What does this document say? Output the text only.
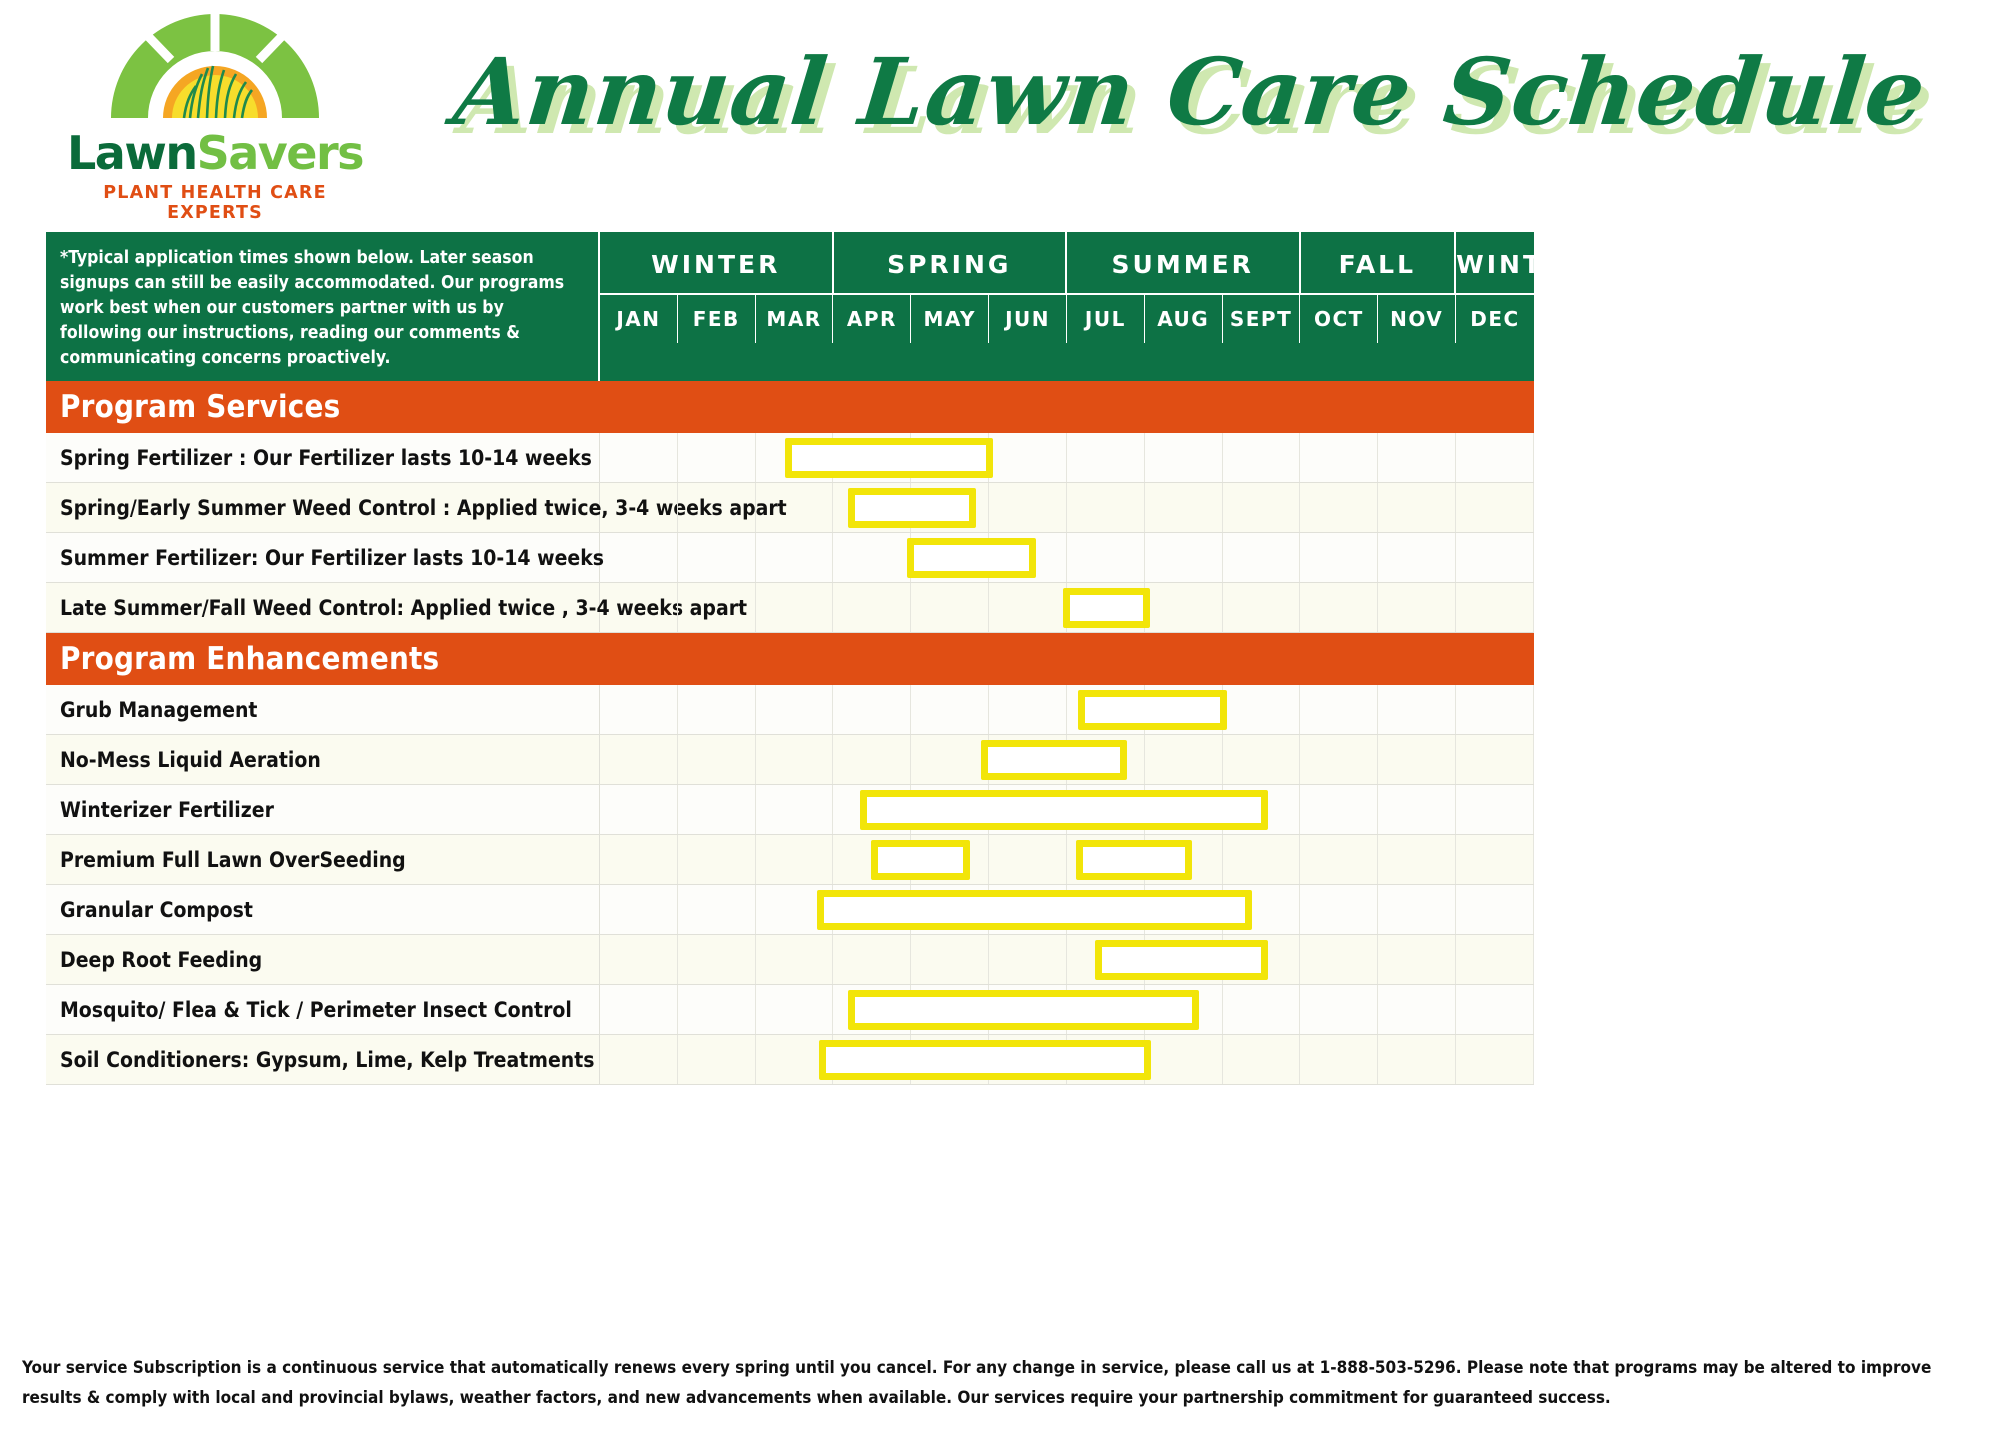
LawnSavers
PLANT HEALTH CARE EXPERTS
Annual Lawn Care Schedule

*Typical application times shown below. Later season signups can still be easily accommodated. Our programs work best when our customers partner with us by following our instructions, reading our comments & communicating concerns proactively.

WINTER	SPRING	SUMMER	FALL	WINTER
JAN	FEB	MAR	APR	MAY	JUN	JUL	AUG	SEPT	OCT	NOV	DEC
Program Services
Spring Fertilizer : Our Fertilizer lasts 10-14 weeks
Spring/Early Summer Weed Control : Applied twice, 3-4 weeks apart
Summer Fertilizer: Our Fertilizer lasts 10-14 weeks
Late Summer/Fall Weed Control: Applied twice , 3-4 weeks apart
Program Enhancements
Grub Management
No-Mess Liquid Aeration
Winterizer Fertilizer
Premium Full Lawn OverSeeding
Granular Compost
Deep Root Feeding
Mosquito/ Flea & Tick / Perimeter Insect Control
Soil Conditioners: Gypsum, Lime, Kelp Treatments
Your service Subscription is a continuous service that automatically renews every spring until you cancel. For any change in service, please call us at 1-888-503-5296. Please note that programs may be altered to improve results & comply with local and provincial bylaws, weather factors, and new advancements when available. Our services require your partnership commitment for guaranteed success.
